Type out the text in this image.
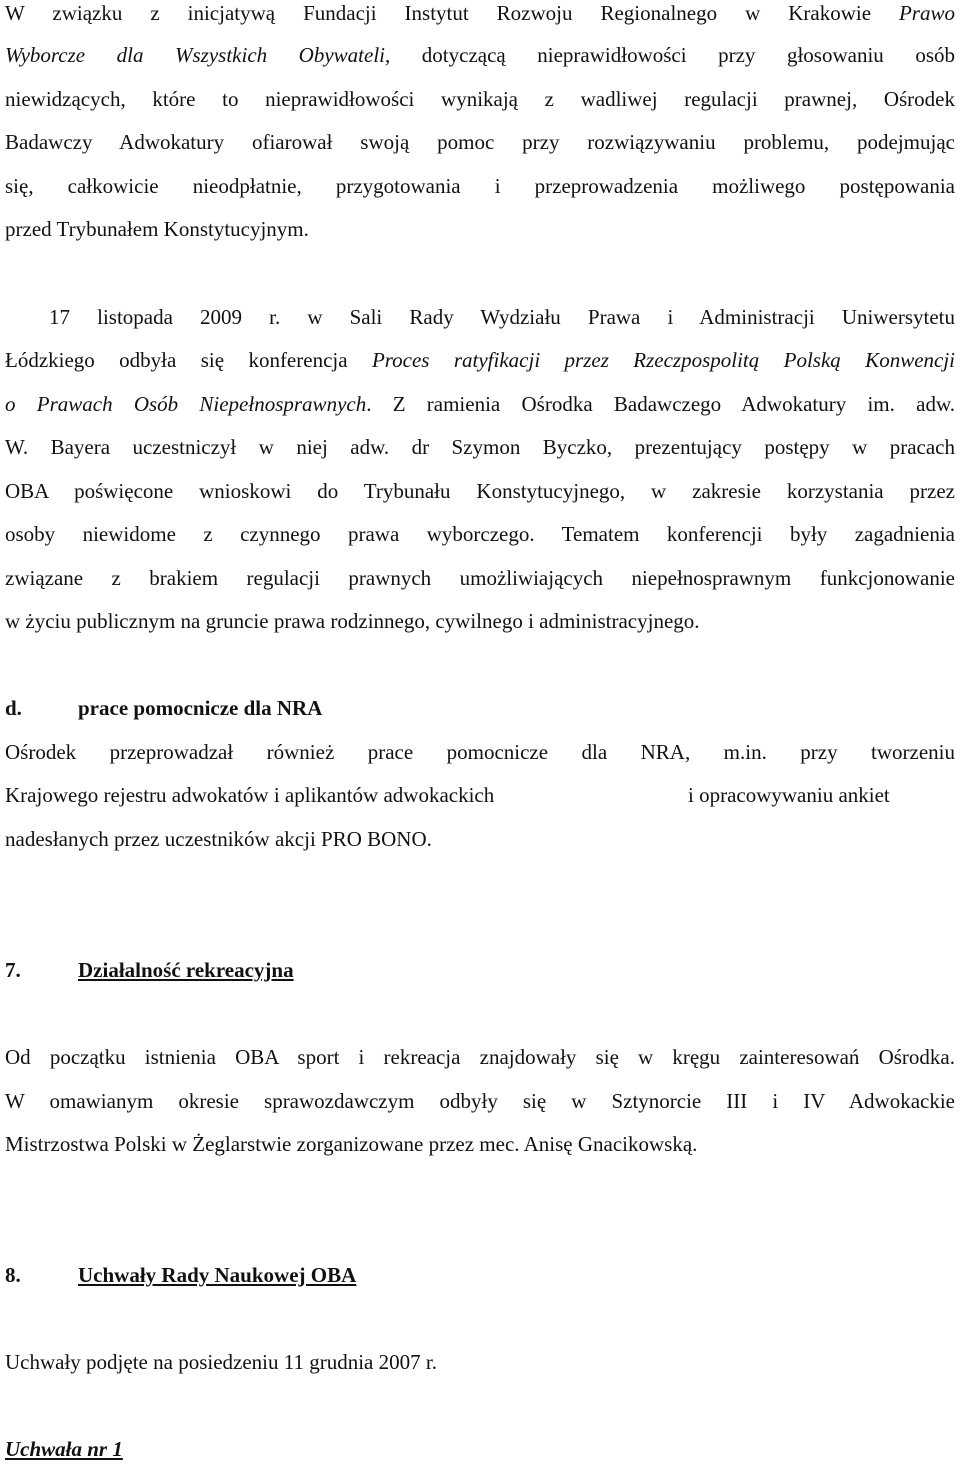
W związku z inicjatywą Fundacji Instytut Rozwoju Regionalnego w Krakowie Prawo
Wyborcze dla Wszystkich Obywateli, dotyczącą nieprawidłowości przy głosowaniu osób
niewidzących, które to nieprawidłowości wynikają z wadliwej regulacji prawnej, Ośrodek
Badawczy Adwokatury ofiarował swoją pomoc przy rozwiązywaniu problemu, podejmując
się, całkowicie nieodpłatnie, przygotowania i przeprowadzenia możliwego postępowania
przed Trybunałem Konstytucyjnym.
17 listopada 2009 r. w Sali Rady Wydziału Prawa i Administracji Uniwersytetu
Łódzkiego odbyła się konferencja Proces ratyfikacji przez Rzeczpospolitą Polską Konwencji
o Prawach Osób Niepełnosprawnych. Z ramienia Ośrodka Badawczego Adwokatury im. adw.
W. Bayera uczestniczył w niej adw. dr Szymon Byczko, prezentujący postępy w pracach
OBA poświęcone wnioskowi do Trybunału Konstytucyjnego, w zakresie korzystania przez
osoby niewidome z czynnego prawa wyborczego. Tematem konferencji były zagadnienia
związane z brakiem regulacji prawnych umożliwiających niepełnosprawnym funkcjonowanie
w życiu publicznym na gruncie prawa rodzinnego, cywilnego i administracyjnego.
d.	prace pomocnicze dla NRA
Ośrodek przeprowadzał również prace pomocnicze dla NRA, m.in. przy tworzeniu
Krajowego rejestru adwokatów i aplikantów adwokackich	i opracowywaniu ankiet
nadesłanych przez uczestników akcji PRO BONO.
7.	Działalność rekreacyjna
Od początku istnienia OBA sport i rekreacja znajdowały się w kręgu zainteresowań Ośrodka.
W omawianym okresie sprawozdawczym odbyły się w Sztynorcie III i IV Adwokackie
Mistrzostwa Polski w Żeglarstwie zorganizowane przez mec. Anisę Gnacikowską.
8.	Uchwały Rady Naukowej OBA
Uchwały podjęte na posiedzeniu 11 grudnia 2007 r.
Uchwała nr 1
